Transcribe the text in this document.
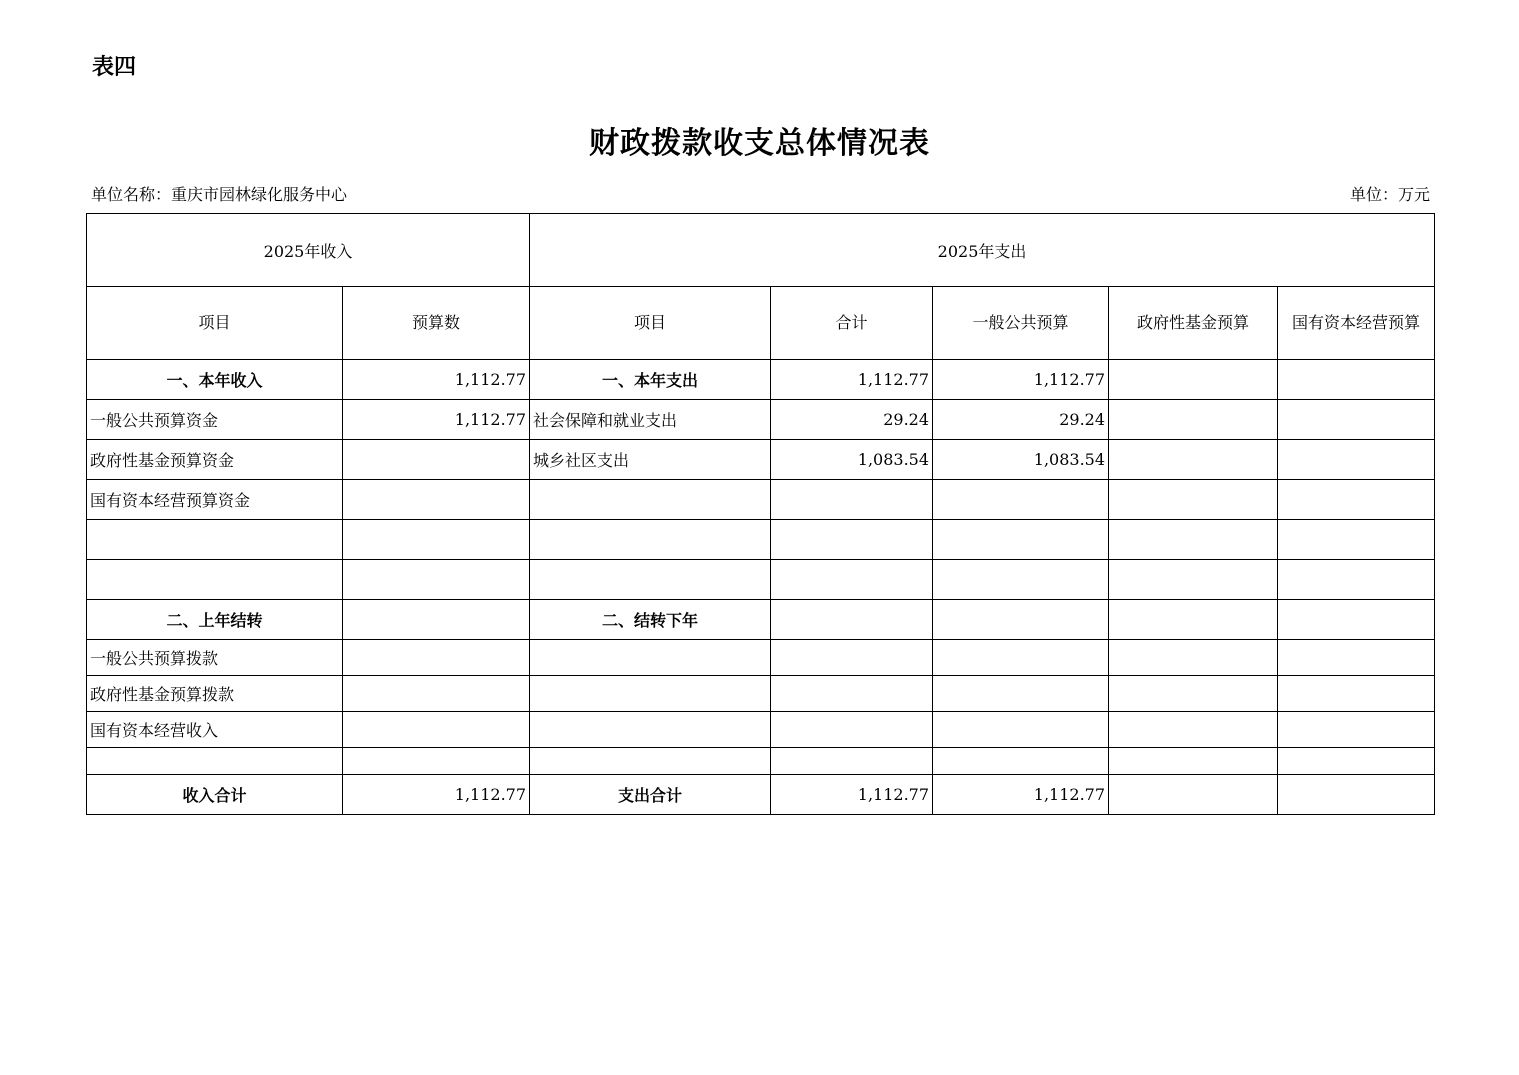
表四
财政拨款收支总体情况表
单位名称：重庆市园林绿化服务中心	单位：万元
2025年收入		2025年支出				
项目	预算数	项目	合计	一般公共预算	政府性基金预算	国有资本经营预算
一、本年收入	1,112.77	一、本年支出	1,112.77	1,112.77		
一般公共预算资金	1,112.77	社会保障和就业支出	29.24	29.24		
政府性基金预算资金		城乡社区支出	1,083.54	1,083.54		
国有资本经营预算资金						

二、上年结转		二、结转下年				
一般公共预算拨款						
政府性基金预算拨款						
国有资本经营收入						

收入合计	1,112.77	支出合计	1,112.77	1,112.77		
